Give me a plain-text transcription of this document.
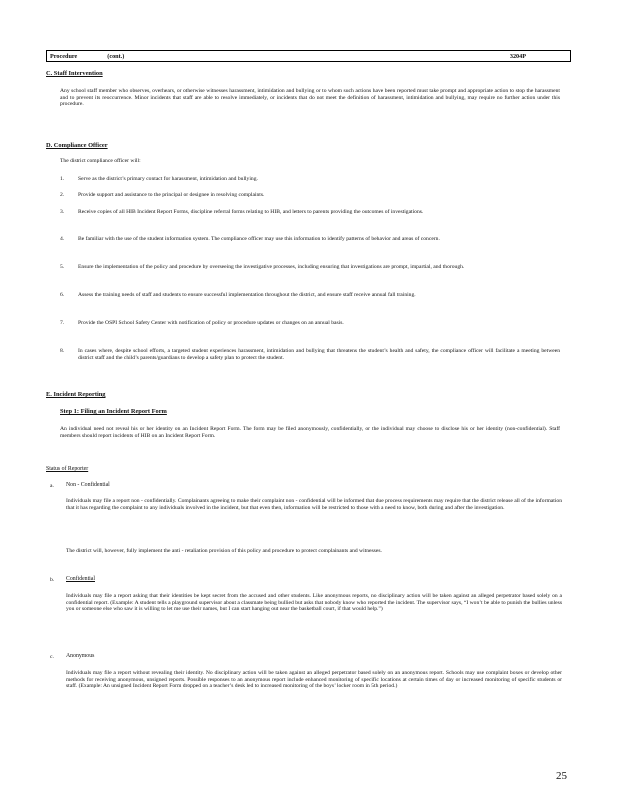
Procedure	(cont.)	3204P
C. Staff Intervention
Any school staff member who observes, overhears, or otherwise witnesses harassment, intimidation and bullying or to whom such actions have been reported must take prompt and appropriate action to stop the harassment and to prevent its reoccurrence. Minor incidents that staff are able to resolve immediately, or incidents that do not meet the definition of harassment, intimidation and bullying, may require no further action under this procedure.
D. Compliance Officer
The district compliance officer will:
1. Serve as the district’s primary contact for harassment, intimidation and bullying.
2. Provide support and assistance to the principal or designee in resolving complaints.
3. Receive copies of all HIB Incident Report Forms, discipline referral forms relating to HIB, and letters to parents providing the outcomes of investigations.
4. Be familiar with the use of the student information system. The compliance officer may use this information to identify patterns of behavior and areas of concern.
5. Ensure the implementation of the policy and procedure by overseeing the investigative processes, including ensuring that investigations are prompt, impartial, and thorough.
6. Assess the training needs of staff and students to ensure successful implementation throughout the district, and ensure staff receive annual fall training.
7. Provide the OSPI School Safety Center with notification of policy or procedure updates or changes on an annual basis.
8. In cases where, despite school efforts, a targeted student experiences harassment, intimidation and bullying that threatens the student’s health and safety, the compliance officer will facilitate a meeting between district staff and the child’s parents/guardians to develop a safety plan to protect the student.
E. Incident Reporting
Step 1: Filing an Incident Report Form
An individual need not reveal his or her identity on an Incident Report Form. The form may be filed anonymously, confidentially, or the individual may choose to disclose his or her identity (non-confidential). Staff members should report incidents of HIB on an Incident Report Form.
Status of Reporter
a. Non - Confidential
Individuals may file a report non - confidentially. Complainants agreeing to make their complaint non - confidential will be informed that due process requirements may require that the district release all of the information that it has regarding the complaint to any individuals involved in the incident, but that even then, information will be restricted to those with a need to know, both during and after the investigation.
The district will, however, fully implement the anti - retaliation provision of this policy and procedure to protect complainants and witnesses.
b. Confidential
Individuals may file a report asking that their identities be kept secret from the accused and other students. Like anonymous reports, no disciplinary action will be taken against an alleged perpetrator based solely on a confidential report. (Example: A student tells a playground supervisor about a classmate being bullied but asks that nobody know who reported the incident. The supervisor says, “I won’t be able to punish the bullies unless you or someone else who saw it is willing to let me use their names, but I can start hanging out near the basketball court, if that would help.”)
c. Anonymous
Individuals may file a report without revealing their identity. No disciplinary action will be taken against an alleged perpetrator based solely on an anonymous report. Schools may use complaint boxes or develop other methods for receiving anonymous, unsigned reports. Possible responses to an anonymous report include enhanced monitoring of specific locations at certain times of day or increased monitoring of specific students or staff. (Example: An unsigned Incident Report Form dropped on a teacher’s desk led to increased monitoring of the boys’ locker room in 5th period.)
25
